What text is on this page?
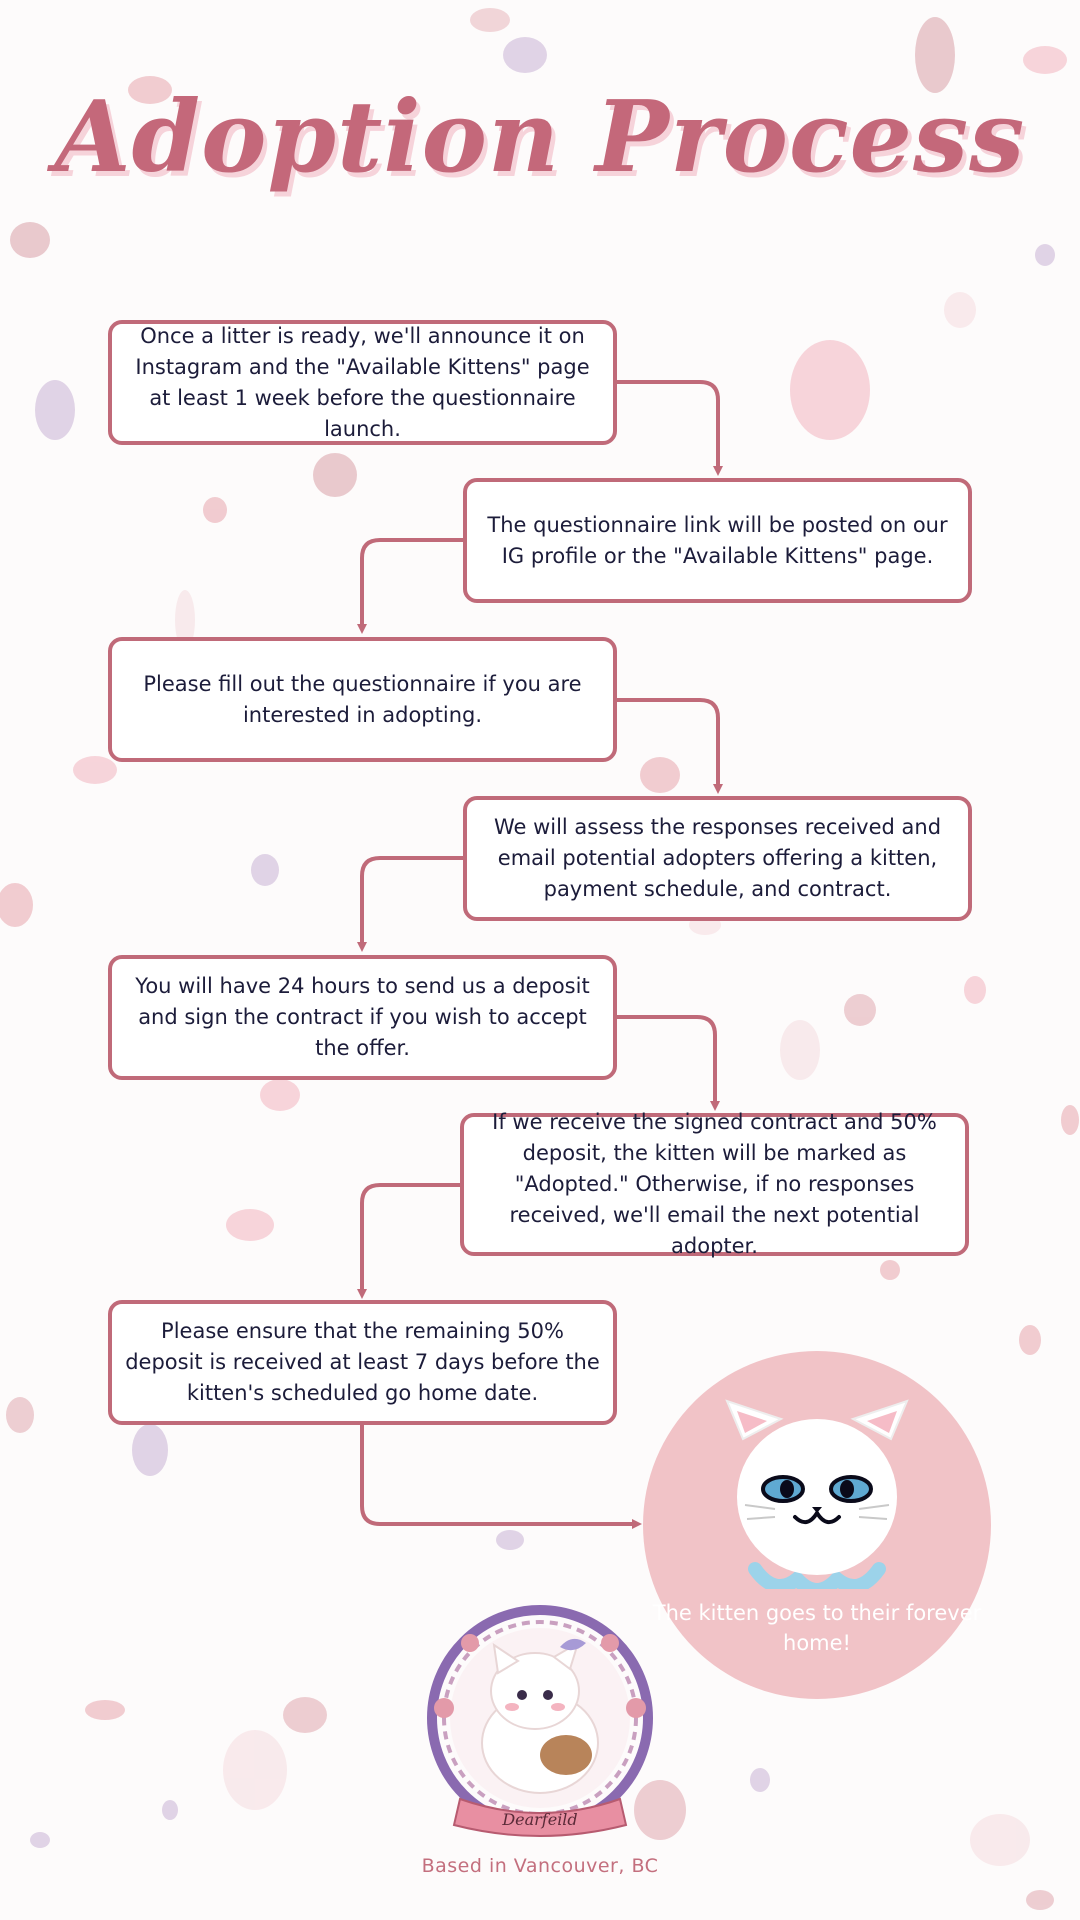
Adoption Process
Once a litter is ready, we'll announce it on Instagram and the "Available Kittens" page at least 1 week before the questionnaire launch.
The questionnaire link will be posted on our IG profile or the "Available Kittens" page.
Please fill out the questionnaire if you are interested in adopting.
We will assess the responses received and email potential adopters offering a kitten, payment schedule, and contract.
You will have 24 hours to send us a deposit and sign the contract if you wish to accept the offer.
If we receive the signed contract and 50% deposit, the kitten will be marked as "Adopted." Otherwise, if no responses received, we'll email the next potential adopter.
Please ensure that the remaining 50% deposit is received at least 7 days before the kitten's scheduled go home date.
The kitten goes to their forever home!
Dearfeild
Based in Vancouver, BC
